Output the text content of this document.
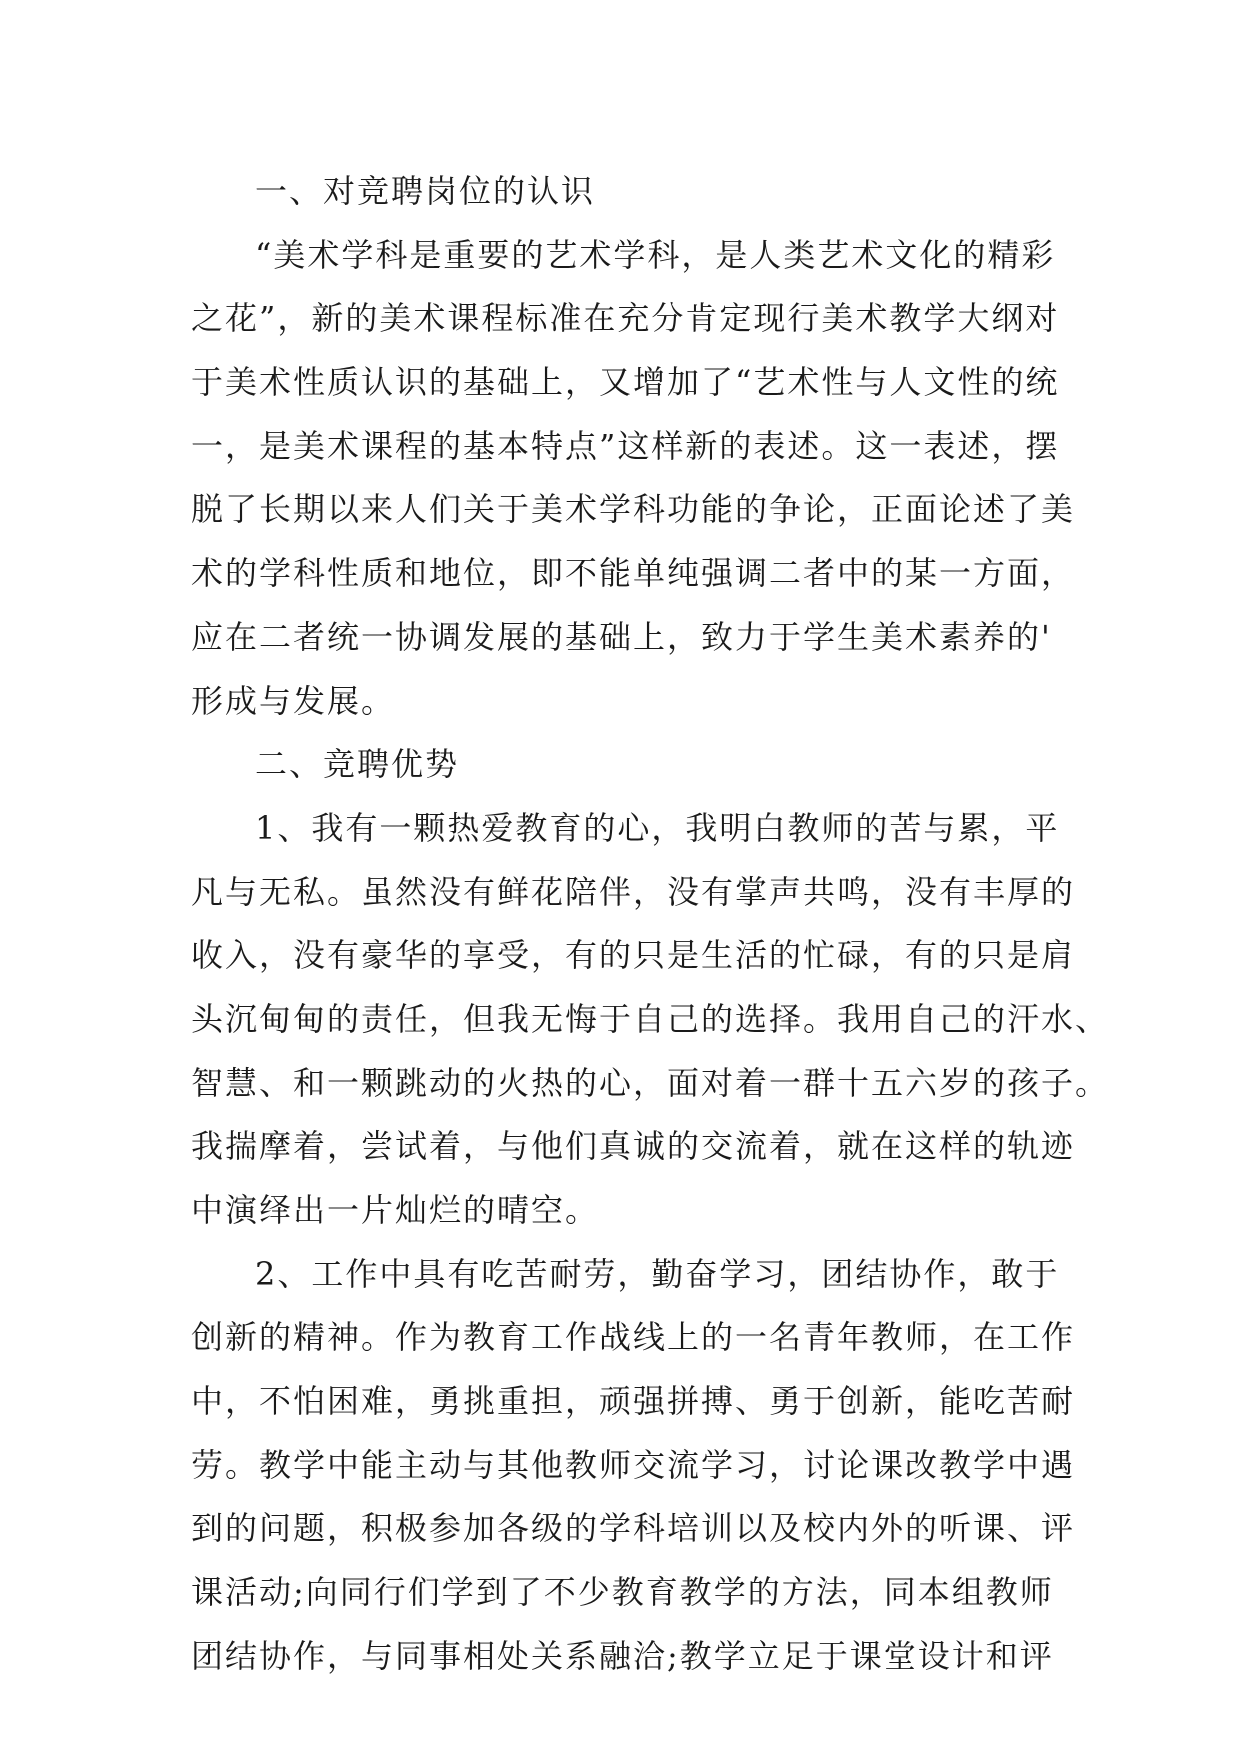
一、对竞聘岗位的认识
“美术学科是重要的艺术学科，是人类艺术文化的精彩
之花”，新的美术课程标准在充分肯定现行美术教学大纲对
于美术性质认识的基础上，又增加了“艺术性与人文性的统
一，是美术课程的基本特点”这样新的表述。这一表述，摆
脱了长期以来人们关于美术学科功能的争论，正面论述了美
术的学科性质和地位，即不能单纯强调二者中的某一方面，
应在二者统一协调发展的基础上，致力于学生美术素养的'
形成与发展。
二、竞聘优势
1、我有一颗热爱教育的心，我明白教师的苦与累，平
凡与无私。虽然没有鲜花陪伴，没有掌声共鸣，没有丰厚的
收入，没有豪华的享受，有的只是生活的忙碌，有的只是肩
头沉甸甸的责任，但我无悔于自己的选择。我用自己的汗水、
智慧、和一颗跳动的火热的心，面对着一群十五六岁的孩子。
我揣摩着，尝试着，与他们真诚的交流着，就在这样的轨迹
中演绎出一片灿烂的晴空。
2、工作中具有吃苦耐劳，勤奋学习，团结协作，敢于
创新的精神。作为教育工作战线上的一名青年教师，在工作
中，不怕困难，勇挑重担，顽强拼搏、勇于创新，能吃苦耐
劳。教学中能主动与其他教师交流学习，讨论课改教学中遇
到的问题，积极参加各级的学科培训以及校内外的听课、评
课活动;向同行们学到了不少教育教学的方法，同本组教师
团结协作，与同事相处关系融洽;教学立足于课堂设计和评
